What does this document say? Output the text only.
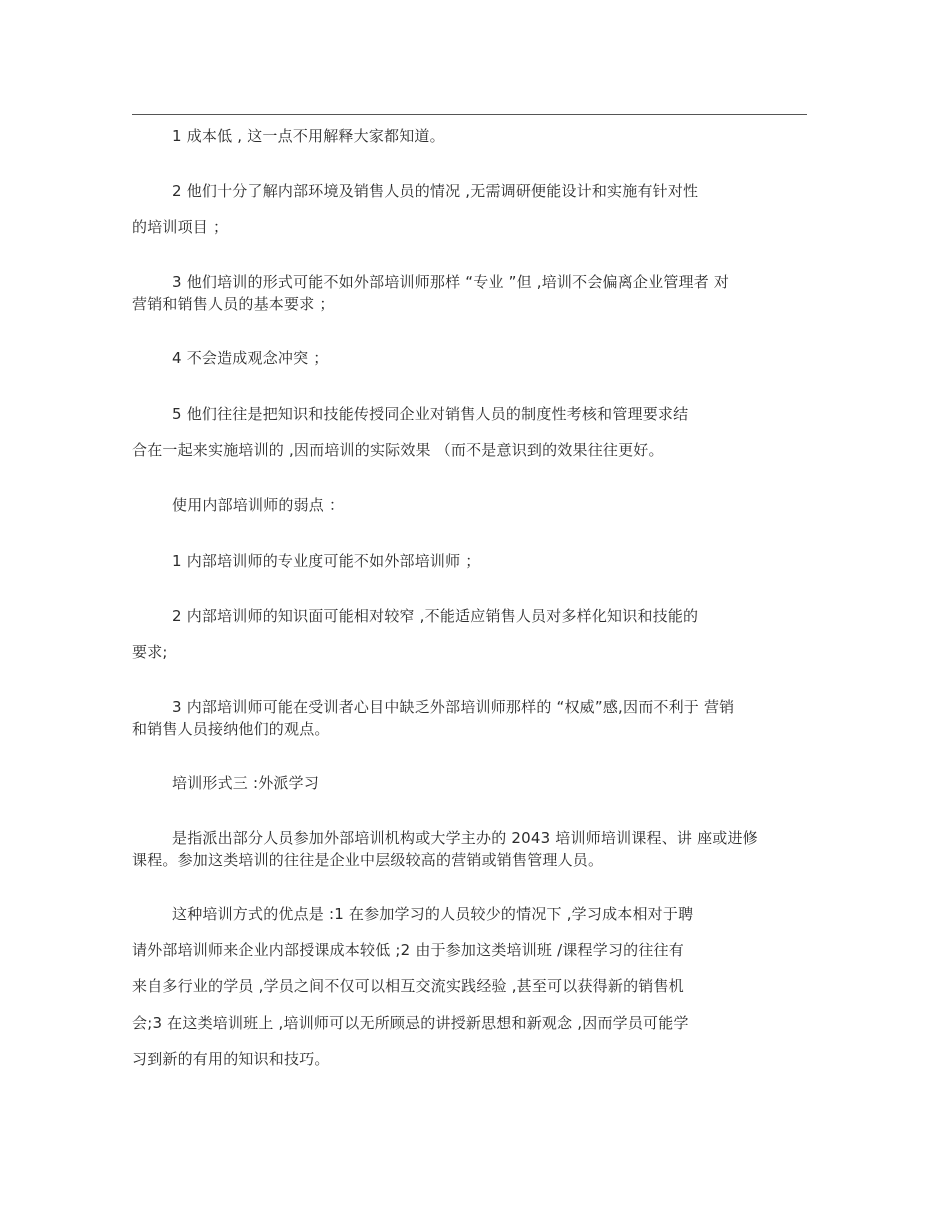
1 成本低 , 这一点不用解释大家都知道。
2 他们十分了解内部环境及销售人员的情况 ,无需调研便能设计和实施有针对性
的培训项目 ；
3 他们培训的形式可能不如外部培训师那样 “专业 ”但 ,培训不会偏离企业管理者 对
营销和销售人员的基本要求 ；
4 不会造成观念冲突 ；
5 他们往往是把知识和技能传授同企业对销售人员的制度性考核和管理要求结
合在一起来实施培训的 ,因而培训的实际效果 （而不是意识到的效果往往更好。
使用内部培训师的弱点 ：
1 内部培训师的专业度可能不如外部培训师 ；
2 内部培训师的知识面可能相对较窄 ,不能适应销售人员对多样化知识和技能的
要求;
3 内部培训师可能在受训者心目中缺乏外部培训师那样的 “权威”感,因而不利于 营销
和销售人员接纳他们的观点。
培训形式三 :外派学习
是指派出部分人员参加外部培训机构或大学主办的 2043 培训师培训课程、讲 座或进修
课程。参加这类培训的往往是企业中层级较高的营销或销售管理人员。
这种培训方式的优点是 :1 在参加学习的人员较少的情况下 ,学习成本相对于聘
请外部培训师来企业内部授课成本较低 ;2 由于参加这类培训班 /课程学习的往往有
来自多行业的学员 ,学员之间不仅可以相互交流实践经验 ,甚至可以获得新的销售机
会;3 在这类培训班上 ,培训师可以无所顾忌的讲授新思想和新观念 ,因而学员可能学
习到新的有用的知识和技巧。
